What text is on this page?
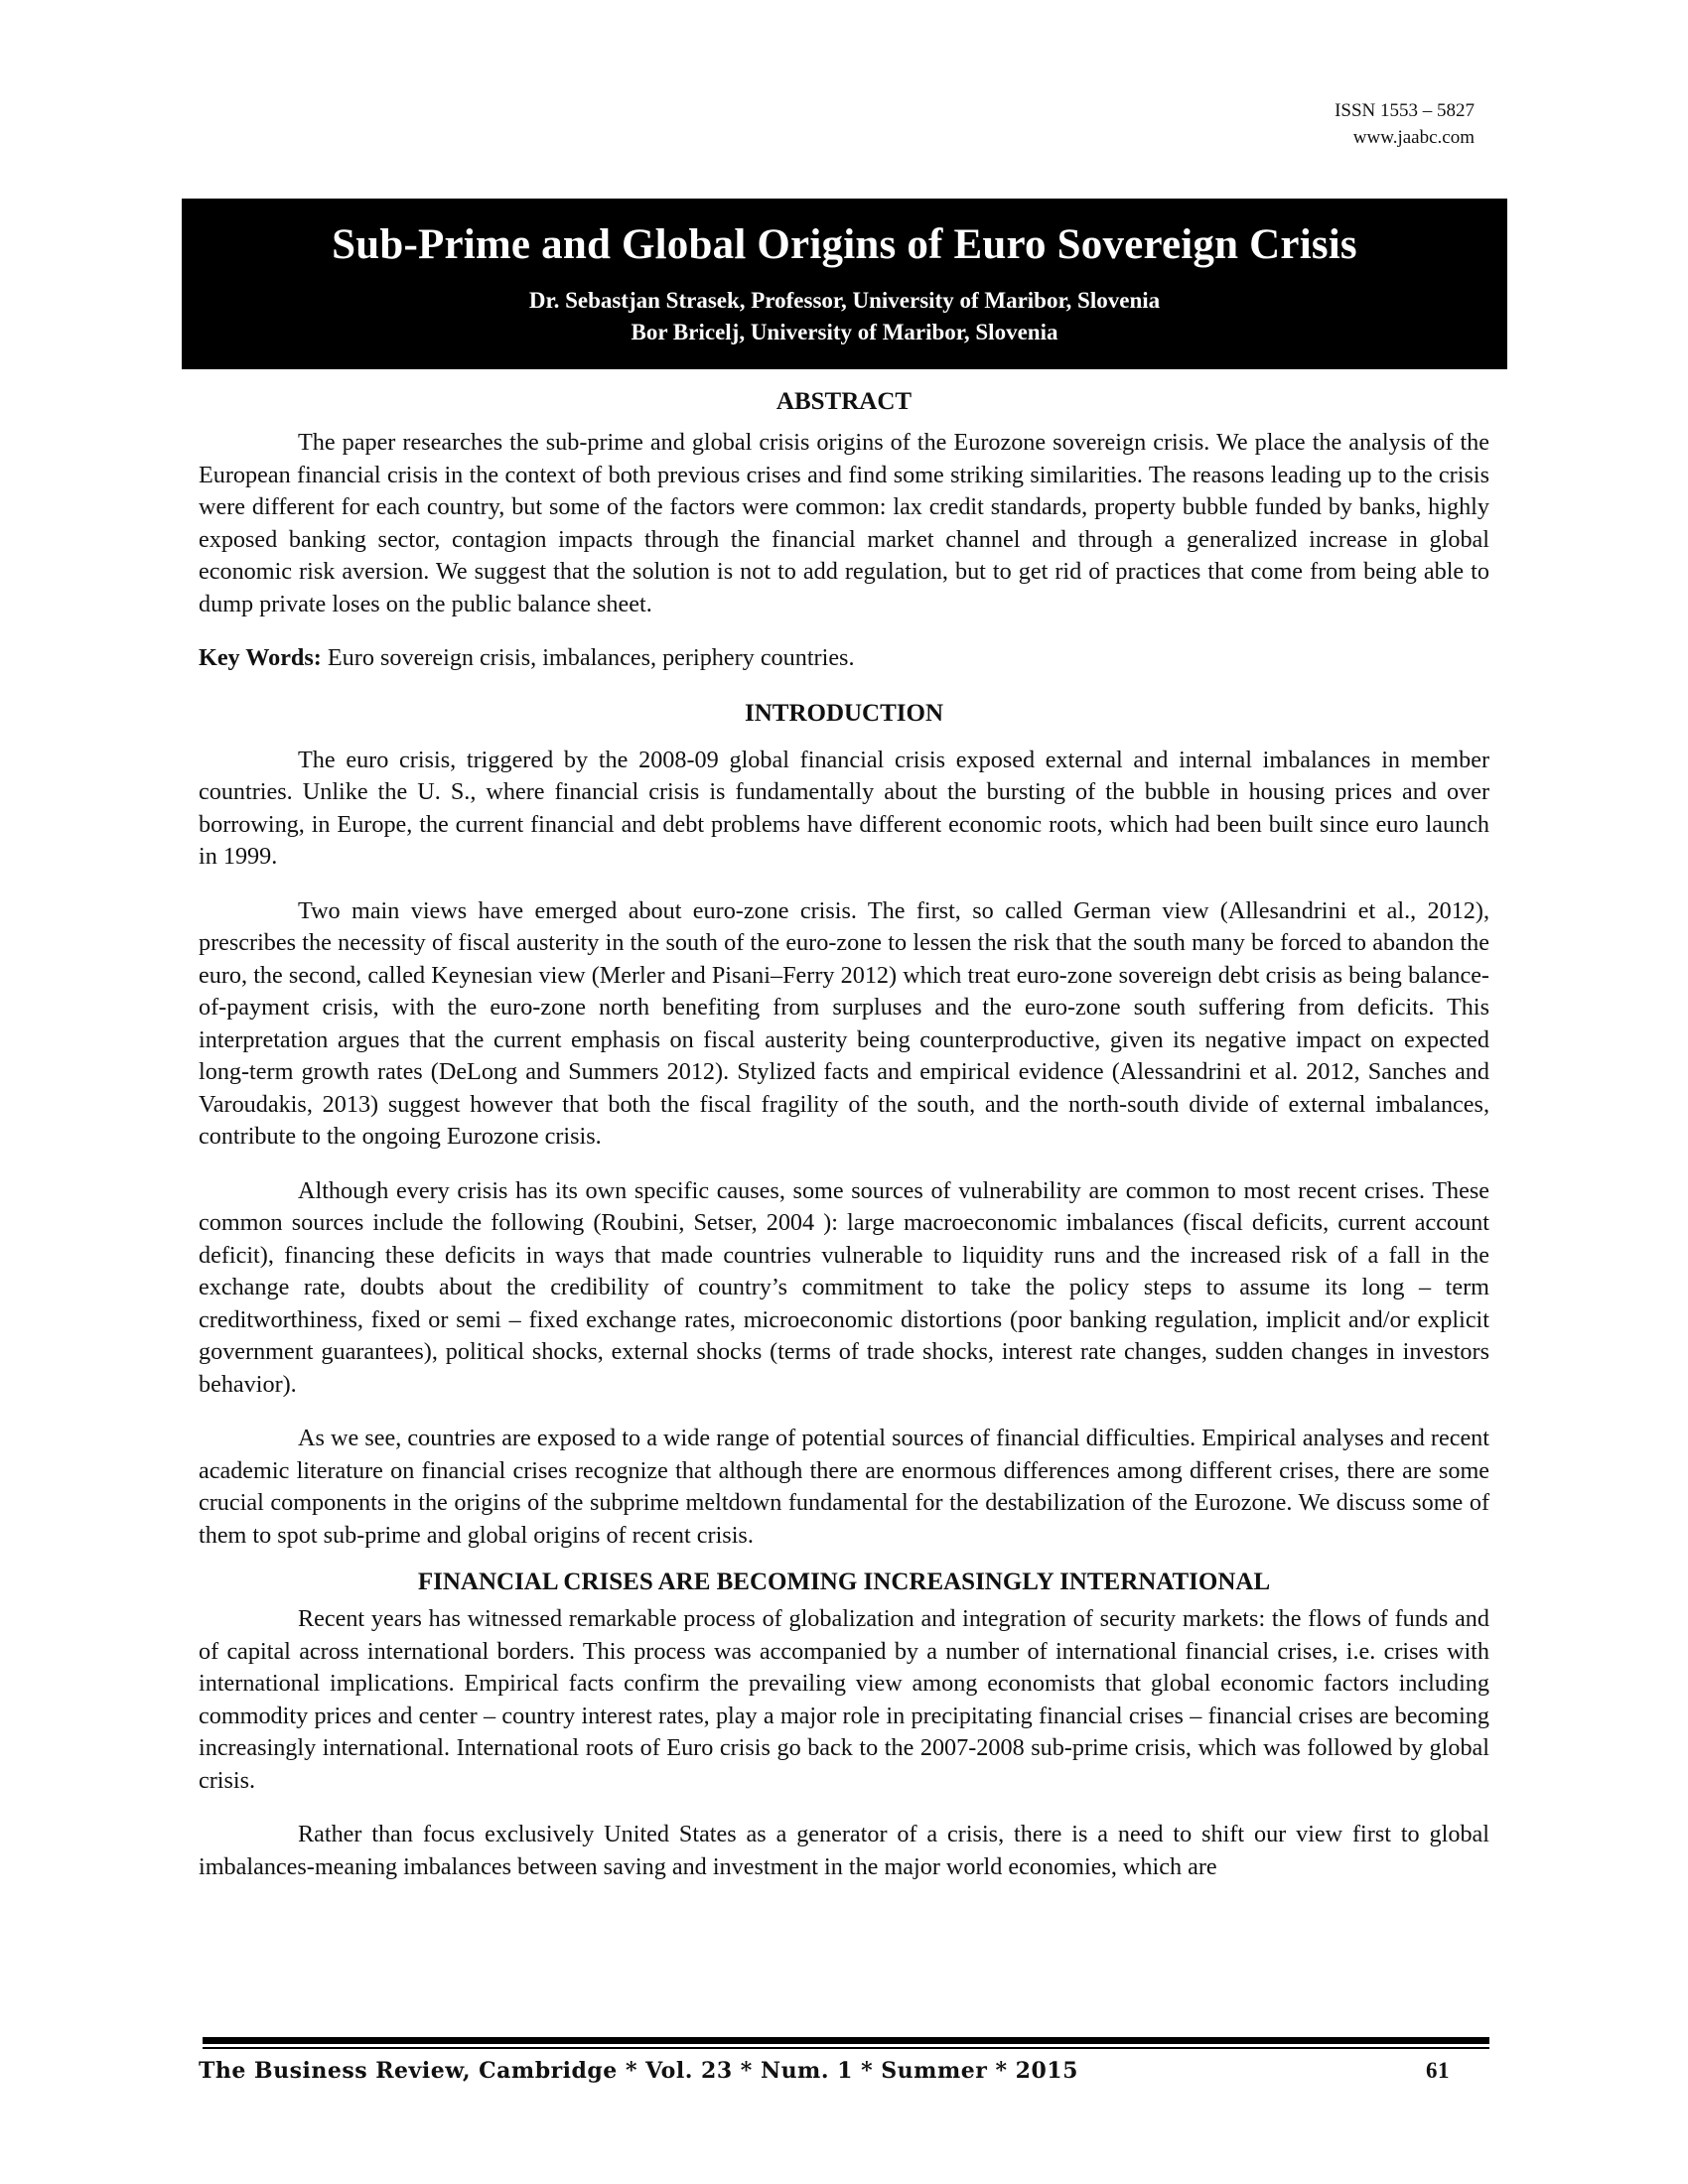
ISSN 1553 – 5827
www.jaabc.com
Sub-Prime and Global Origins of Euro Sovereign Crisis
Dr. Sebastjan Strasek, Professor, University of Maribor, Slovenia
Bor Bricelj, University of Maribor, Slovenia
ABSTRACT

The paper researches the sub-prime and global crisis origins of the Eurozone sovereign crisis. We place the analysis of the European financial crisis in the context of both previous crises and find some striking similarities. The reasons leading up to the crisis were different for each country, but some of the factors were common: lax credit standards, property bubble funded by banks, highly exposed banking sector, contagion impacts through the financial market channel and through a generalized increase in global economic risk aversion. We suggest that the solution is not to add regulation, but to get rid of practices that come from being able to dump private loses on the public balance sheet.

Key Words: Euro sovereign crisis, imbalances, periphery countries.

INTRODUCTION

The euro crisis, triggered by the 2008-09 global financial crisis exposed external and internal imbalances in member countries. Unlike the U. S., where financial crisis is fundamentally about the bursting of the bubble in housing prices and over borrowing, in Europe, the current financial and debt problems have different economic roots, which had been built since euro launch in 1999.

Two main views have emerged about euro-zone crisis. The first, so called German view (Allesandrini et al., 2012), prescribes the necessity of fiscal austerity in the south of the euro-zone to lessen the risk that the south many be forced to abandon the euro, the second, called Keynesian view (Merler and Pisani–Ferry 2012) which treat euro-zone sovereign debt crisis as being balance-of-payment crisis, with the euro-zone north benefiting from surpluses and the euro-zone south suffering from deficits. This interpretation argues that the current emphasis on fiscal austerity being counterproductive, given its negative impact on expected long-term growth rates (DeLong and Summers 2012). Stylized facts and empirical evidence (Alessandrini et al. 2012, Sanches and Varoudakis, 2013) suggest however that both the fiscal fragility of the south, and the north-south divide of external imbalances, contribute to the ongoing Eurozone crisis.

Although every crisis has its own specific causes, some sources of vulnerability are common to most recent crises. These common sources include the following (Roubini, Setser, 2004 ): large macroeconomic imbalances (fiscal deficits, current account deficit), financing these deficits in ways that made countries vulnerable to liquidity runs and the increased risk of a fall in the exchange rate, doubts about the credibility of country’s commitment to take the policy steps to assume its long – term creditworthiness, fixed or semi – fixed exchange rates, microeconomic distortions (poor banking regulation, implicit and/or explicit government guarantees), political shocks, external shocks (terms of trade shocks, interest rate changes, sudden changes in investors behavior).

As we see, countries are exposed to a wide range of potential sources of financial difficulties. Empirical analyses and recent academic literature on financial crises recognize that although there are enormous differences among different crises, there are some crucial components in the origins of the subprime meltdown fundamental for the destabilization of the Eurozone. We discuss some of them to spot sub-prime and global origins of recent crisis.

FINANCIAL CRISES ARE BECOMING INCREASINGLY INTERNATIONAL

Recent years has witnessed remarkable process of globalization and integration of security markets: the flows of funds and of capital across international borders. This process was accompanied by a number of international financial crises, i.e. crises with international implications. Empirical facts confirm the prevailing view among economists that global economic factors including commodity prices and center – country interest rates, play a major role in precipitating financial crises – financial crises are becoming increasingly international. International roots of Euro crisis go back to the 2007-2008 sub-prime crisis, which was followed by global crisis.

Rather than focus exclusively United States as a generator of a crisis, there is a need to shift our view first to global imbalances-meaning imbalances between saving and investment in the major world economies, which are

The Business Review, Cambridge * Vol. 23 * Num. 1 * Summer * 2015	61
